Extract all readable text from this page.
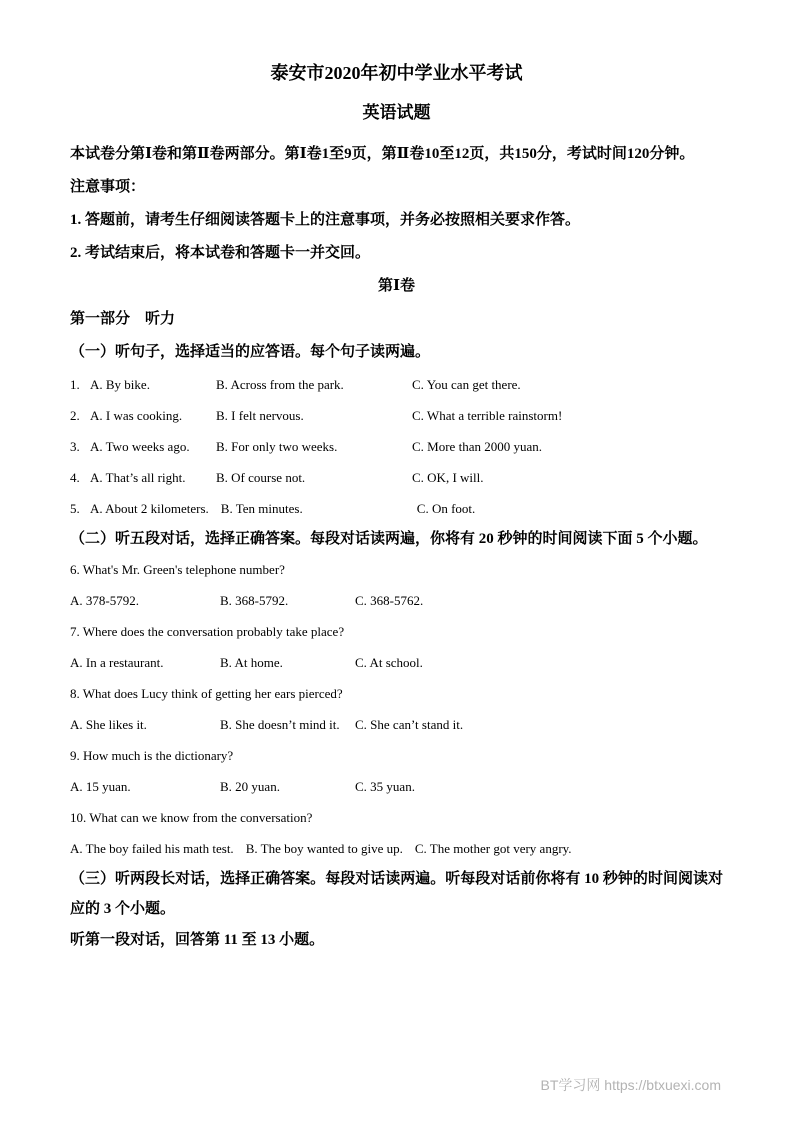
泰安市2020年初中学业水平考试
英语试题

本试卷分第Ⅰ卷和第Ⅱ卷两部分。第Ⅰ卷1至9页，第Ⅱ卷10至12页，共150分，考试时间120分钟。

注意事项：

1. 答题前，请考生仔细阅读答题卡上的注意事项，并务必按照相关要求作答。

2. 考试结束后，将本试卷和答题卡一并交回。

第Ⅰ卷

第一部分　听力

（一）听句子，选择适当的应答语。每个句子读两遍。

1. A. By bike.	B. Across from the park.	C. You can get there.
2. A. I was cooking.	B. I felt nervous.	C. What a terrible rainstorm!
3. A. Two weeks ago.	B. For only two weeks.	C. More than 2000 yuan.
4. A. That’s all right.	B. Of course not.	C. OK, I will.
5. A. About 2 kilometers. B. Ten minutes.	C. On foot.

（二）听五段对话，选择正确答案。每段对话读两遍，你将有 20 秒钟的时间阅读下面 5 个小题。

6. What's Mr. Green's telephone number?

A. 378-5792.	B. 368-5792.	C. 368-5762.

7. Where does the conversation probably take place?

A. In a restaurant.	B. At home.	C. At school.

8. What does Lucy think of getting her ears pierced?

A. She likes it.	B. She doesn’t mind it.	C. She can’t stand it.

9. How much is the dictionary?

A. 15 yuan.	B. 20 yuan.	C. 35 yuan.

10. What can we know from the conversation?

A. The boy failed his math test. B. The boy wanted to give up. C. The mother got very angry.

（三）听两段长对话，选择正确答案。每段对话读两遍。听每段对话前你将有 10 秒钟的时间阅读对应的 3 个小题。

听第一段对话，回答第 11 至 13 小题。

BT学习网 https://btxuexi.com
